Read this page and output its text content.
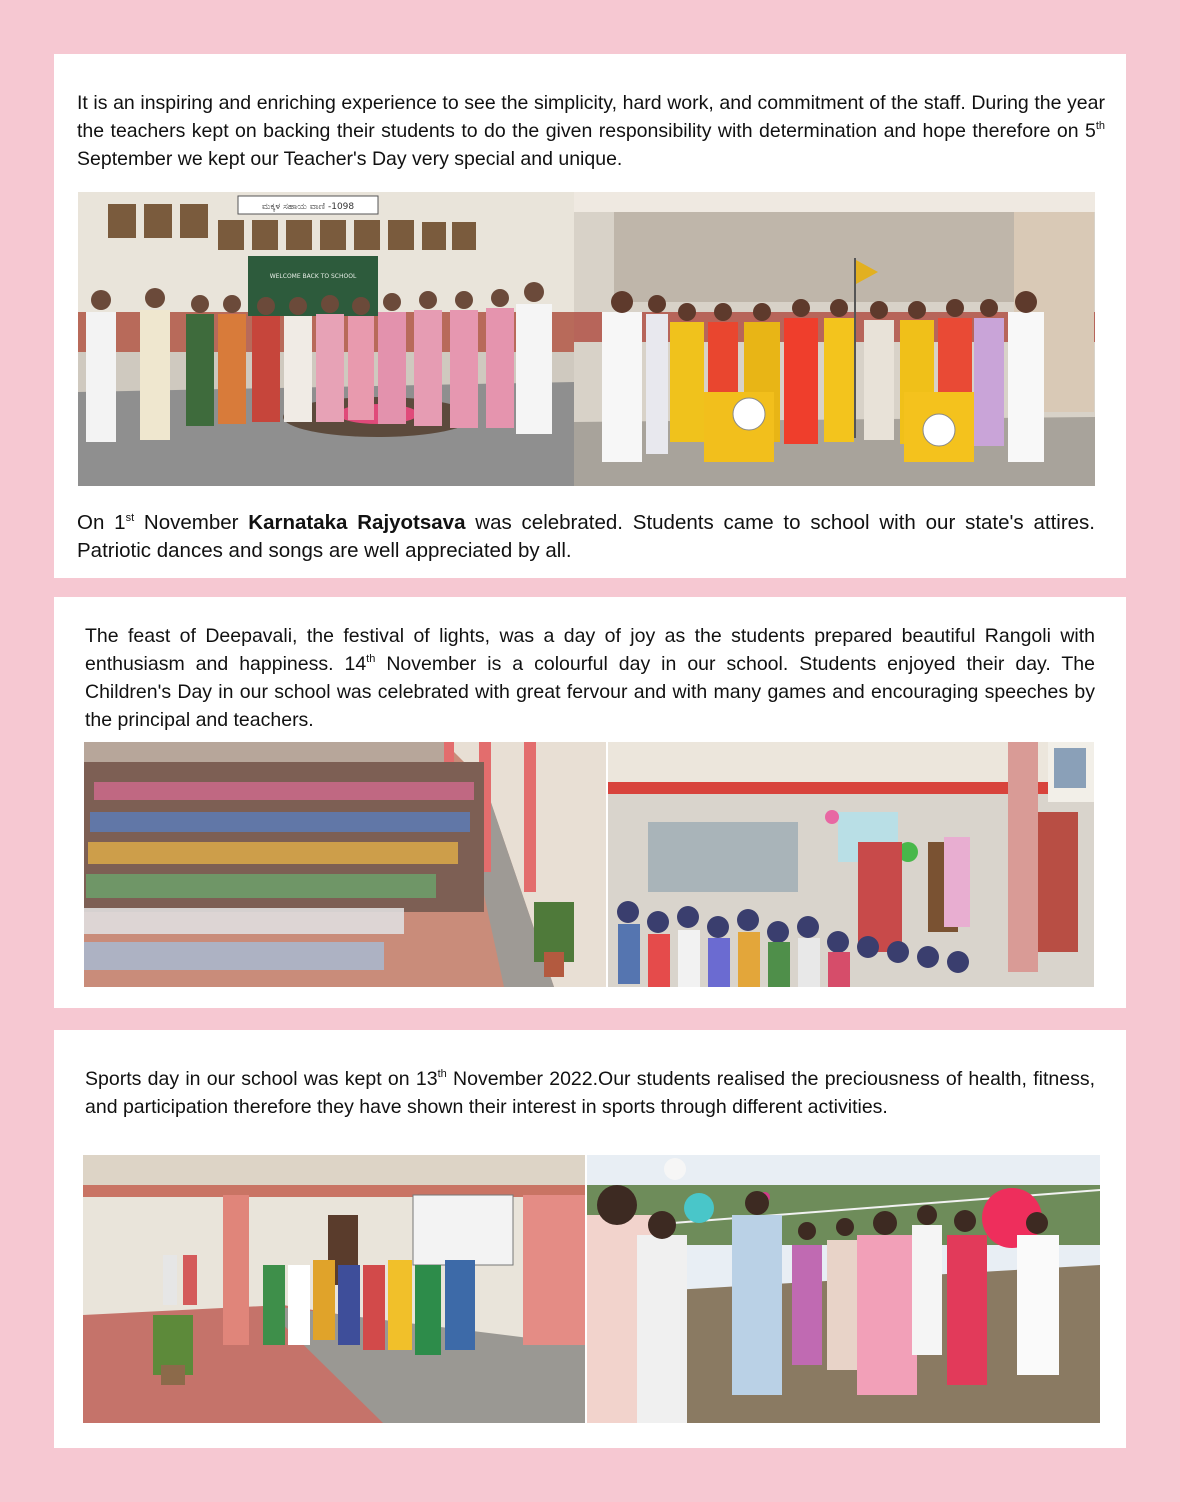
It is an inspiring and enriching experience to see the simplicity, hard work, and commitment of the staff. During the year the teachers kept on backing their students to do the given responsibility with determination and hope therefore on 5th September we kept our Teacher's Day very special and unique.

ಮಕ್ಕಳ ಸಹಾಯ ವಾಣಿ -1098
WELCOME BACK TO SCHOOL

On 1st November Karnataka Rajyotsava was celebrated. Students came to school with our state's attires. Patriotic dances and songs are well appreciated by all.

The feast of Deepavali, the festival of lights, was a day of joy as the students prepared beautiful Rangoli with enthusiasm and happiness. 14th November is a colourful day in our school. Students enjoyed their day. The Children's Day in our school was celebrated with great fervour and with many games and encouraging speeches by the principal and teachers.

Sports day in our school was kept on 13th November 2022.Our students realised the preciousness of health, fitness, and participation therefore they have shown their interest in sports through different activities.
